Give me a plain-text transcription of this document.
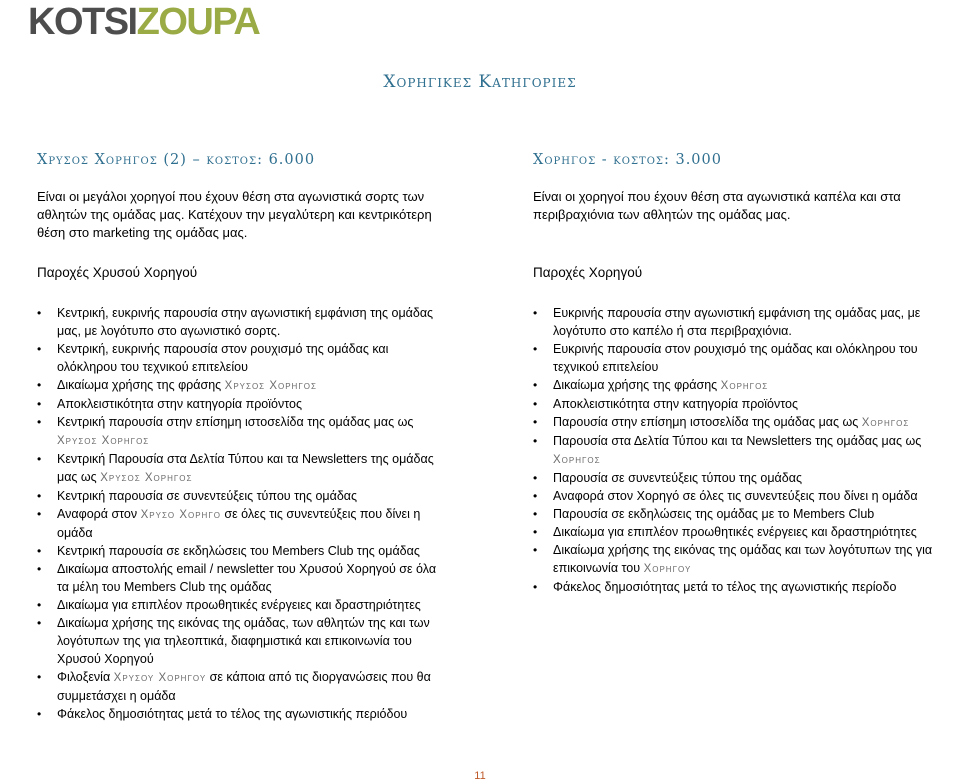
KOTSIZOUPA
Χορηγικες Κατηγοριες
Χρυσος Χορηγος (2) – κοστος: 6.000
Είναι οι μεγάλοι χορηγοί που έχουν θέση στα αγωνιστικά σορτς των αθλητών της ομάδας μας. Κατέχουν την μεγαλύτερη και κεντρικότερη θέση στο marketing της ομάδας μας.
Παροχές Χρυσού Χορηγού
• Κεντρική, ευκρινής παρουσία στην αγωνιστική εμφάνιση της ομάδας μας, με λογότυπο στο αγωνιστικό σορτς.
• Κεντρική, ευκρινής παρουσία στον ρουχισμό της ομάδας και ολόκληρου του τεχνικού επιτελείου
• Δικαίωμα χρήσης της φράσης Χρυσος Χορηγος
• Αποκλειστικότητα στην κατηγορία προϊόντος
• Κεντρική παρουσία στην επίσημη ιστοσελίδα της ομάδας μας ως Χρυσος Χορηγος
• Κεντρική Παρουσία στα Δελτία Τύπου και τα Newsletters της ομάδας μας ως Χρυσος Χορηγος
• Κεντρική παρουσία σε συνεντεύξεις τύπου της ομάδας
• Αναφορά στον Χρυσο Χορηγο σε όλες τις συνεντεύξεις που δίνει η ομάδα
• Κεντρική παρουσία σε εκδηλώσεις του Members Club της ομάδας
• Δικαίωμα αποστολής email / newsletter του Χρυσού Χορηγού σε όλα τα μέλη του Members Club της ομάδας
• Δικαίωμα για επιπλέον προωθητικές ενέργειες και δραστηριότητες
• Δικαίωμα χρήσης της εικόνας της ομάδας, των αθλητών της και των λογότυπων της για τηλεοπτικά, διαφημιστικά και επικοινωνία του Χρυσού Χορηγού
• Φιλοξενία Χρυσου Χορηγου σε κάποια από τις διοργανώσεις που θα συμμετάσχει η ομάδα
• Φάκελος δημοσιότητας μετά το τέλος της αγωνιστικής περιόδου
Χορηγος - κοστος: 3.000
Είναι οι χορηγοί που έχουν θέση στα αγωνιστικά καπέλα και στα περιβραχιόνια των αθλητών της ομάδας μας.
Παροχές Χορηγού
• Ευκρινής παρουσία στην αγωνιστική εμφάνιση της ομάδας μας, με λογότυπο στο καπέλο ή στα περιβραχιόνια.
• Ευκρινής παρουσία στον ρουχισμό της ομάδας και ολόκληρου του τεχνικού επιτελείου
• Δικαίωμα χρήσης της φράσης Χορηγος
• Αποκλειστικότητα στην κατηγορία προϊόντος
• Παρουσία στην επίσημη ιστοσελίδα της ομάδας μας ως Χορηγος
• Παρουσία στα Δελτία Τύπου και τα Newsletters της ομάδας μας ως Χορηγος
• Παρουσία σε συνεντεύξεις τύπου της ομάδας
• Αναφορά στον Χορηγό σε όλες τις συνεντεύξεις που δίνει η ομάδα
• Παρουσία σε εκδηλώσεις της ομάδας με το Members Club
• Δικαίωμα για επιπλέον προωθητικές ενέργειες και δραστηριότητες
• Δικαίωμα χρήσης της εικόνας της ομάδας και των λογότυπων της για επικοινωνία του Χορηγου
• Φάκελος δημοσιότητας μετά το τέλος της αγωνιστικής περίοδο
11
